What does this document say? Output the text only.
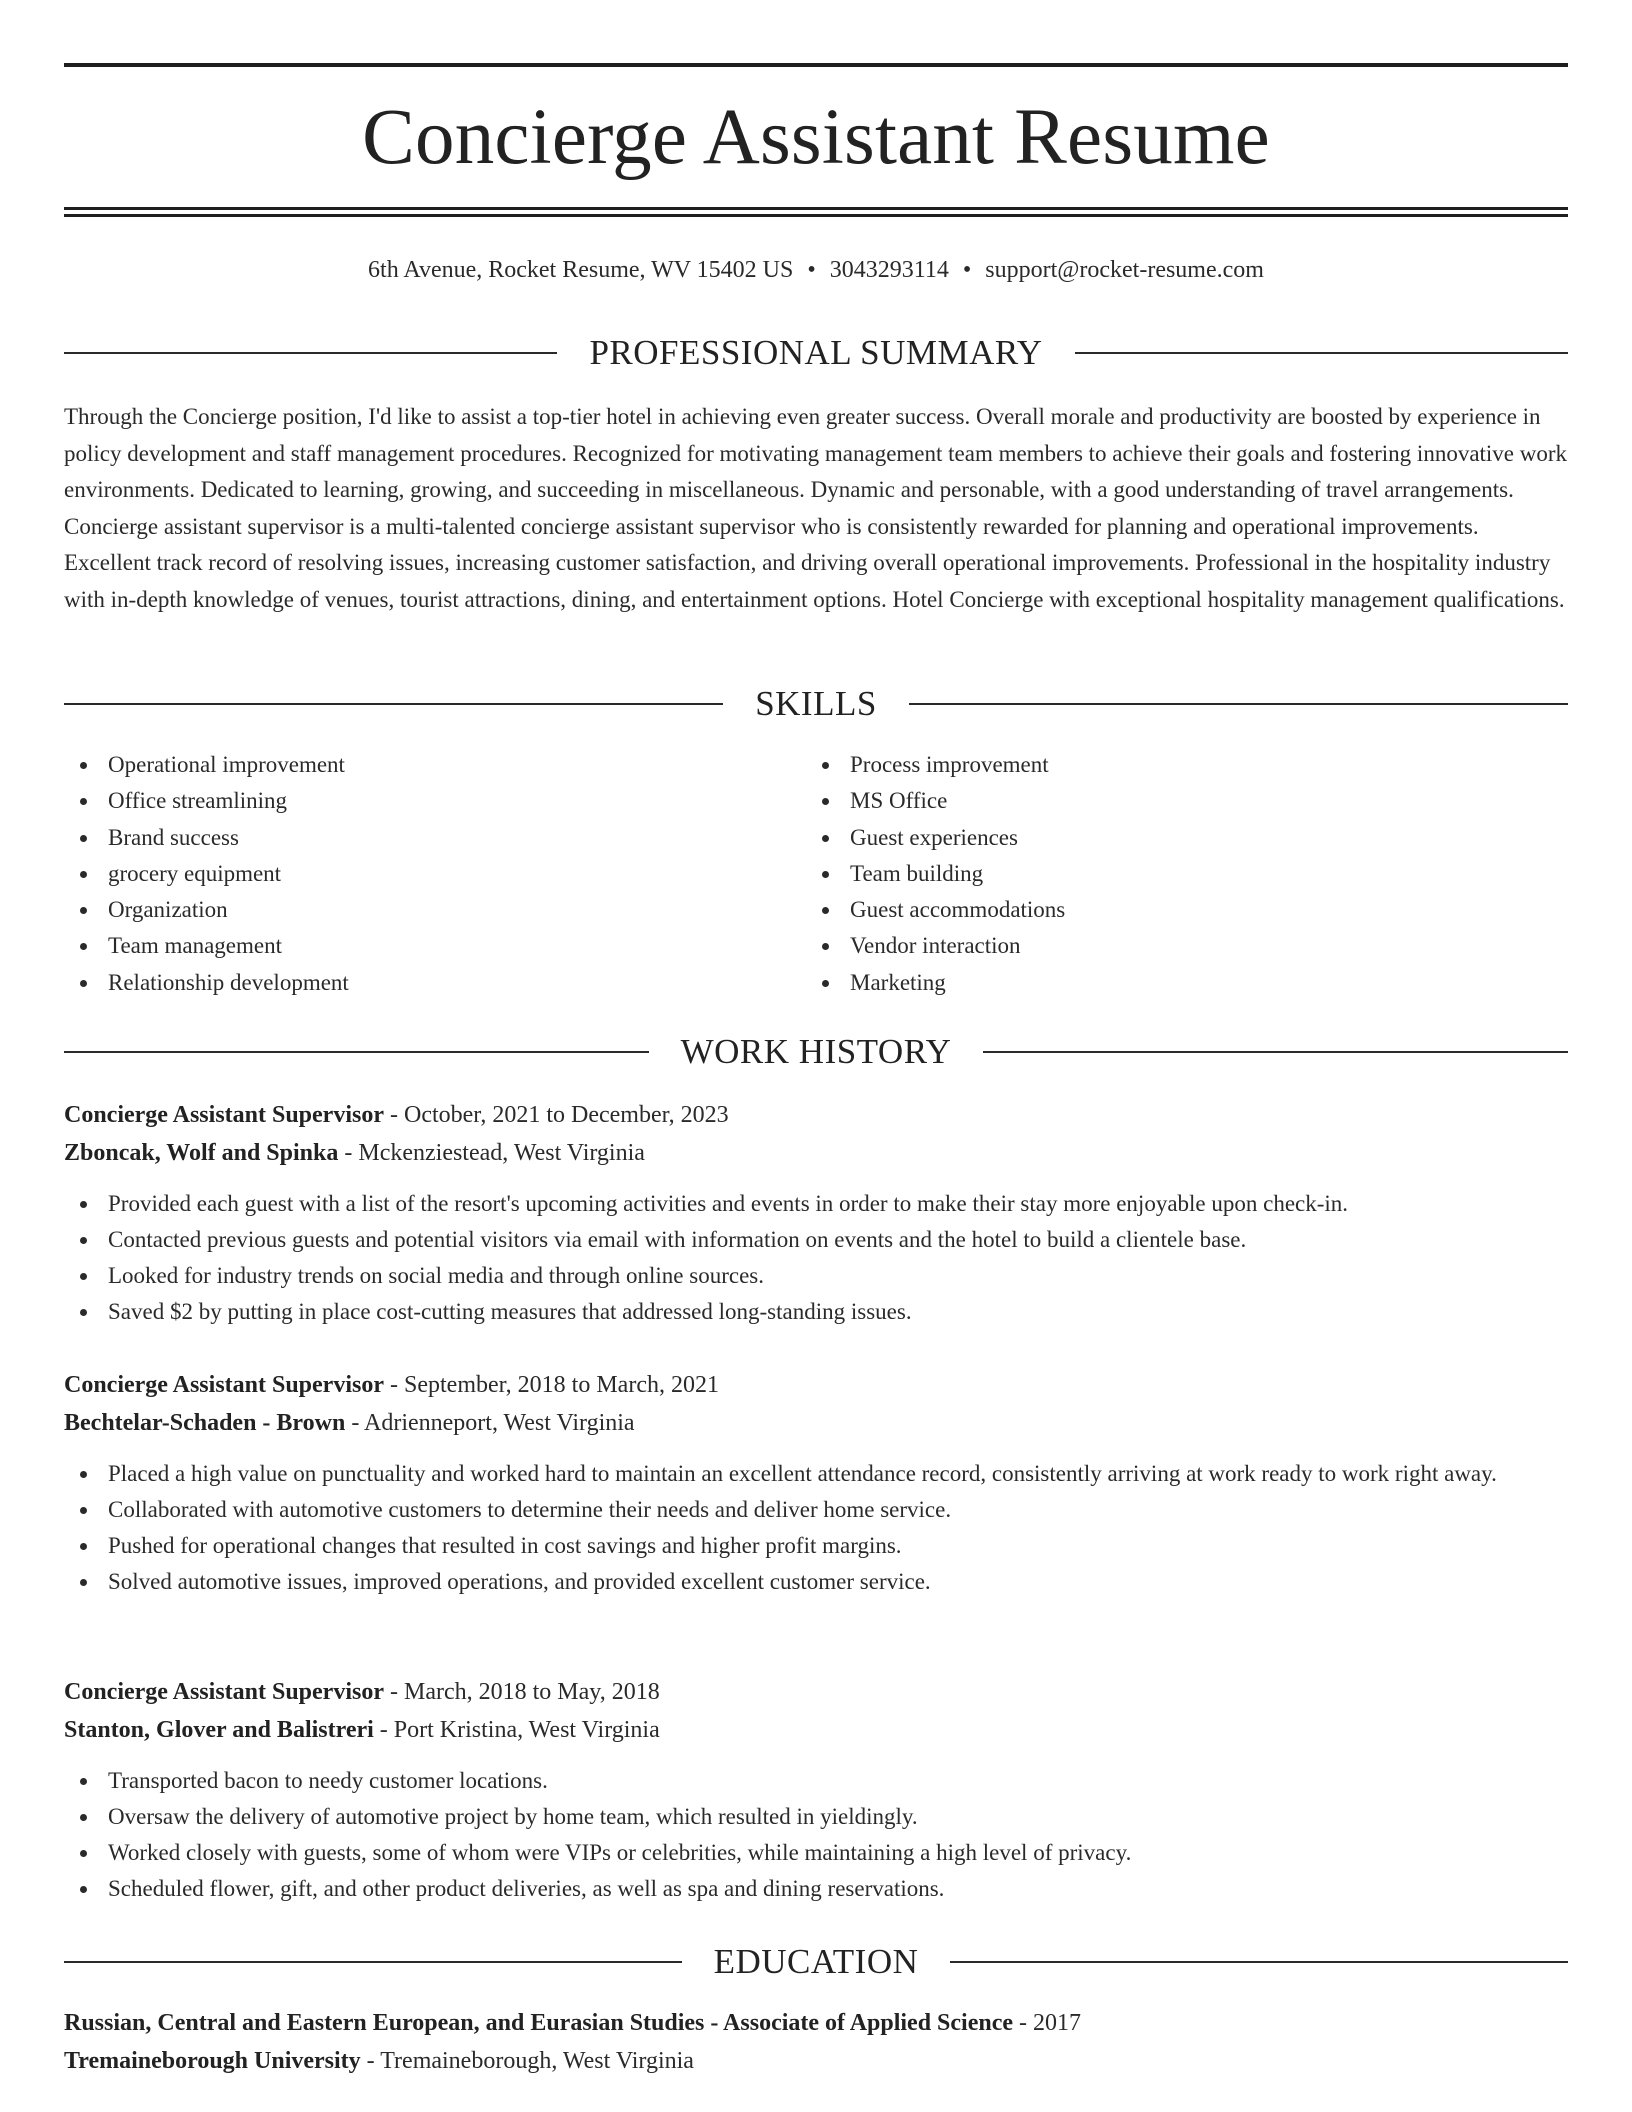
Concierge Assistant Resume
6th Avenue, Rocket Resume, WV 15402 US • 3043293114 • support@rocket-resume.com
PROFESSIONAL SUMMARY

Through the Concierge position, I'd like to assist a top-tier hotel in achieving even greater success. Overall morale and productivity are boosted by experience in policy development and staff management procedures. Recognized for motivating management team members to achieve their goals and fostering innovative work environments. Dedicated to learning, growing, and succeeding in miscellaneous. Dynamic and personable, with a good understanding of travel arrangements. Concierge assistant supervisor is a multi-talented concierge assistant supervisor who is consistently rewarded for planning and operational improvements. Excellent track record of resolving issues, increasing customer satisfaction, and driving overall operational improvements. Professional in the hospitality industry with in-depth knowledge of venues, tourist attractions, dining, and entertainment options. Hotel Concierge with exceptional hospitality management qualifications.

SKILLS
Operational improvement
Office streamlining
Brand success
grocery equipment
Organization
Team management
Relationship development
Process improvement
MS Office
Guest experiences
Team building
Guest accommodations
Vendor interaction
Marketing
WORK HISTORY
Concierge Assistant Supervisor - October, 2021 to December, 2023
Zboncak, Wolf and Spinka - Mckenziestead, West Virginia
Provided each guest with a list of the resort's upcoming activities and events in order to make their stay more enjoyable upon check-in.
Contacted previous guests and potential visitors via email with information on events and the hotel to build a clientele base.
Looked for industry trends on social media and through online sources.
Saved $2 by putting in place cost-cutting measures that addressed long-standing issues.
Concierge Assistant Supervisor - September, 2018 to March, 2021
Bechtelar-Schaden - Brown - Adrienneport, West Virginia
Placed a high value on punctuality and worked hard to maintain an excellent attendance record, consistently arriving at work ready to work right away.
Collaborated with automotive customers to determine their needs and deliver home service.
Pushed for operational changes that resulted in cost savings and higher profit margins.
Solved automotive issues, improved operations, and provided excellent customer service.
Concierge Assistant Supervisor - March, 2018 to May, 2018
Stanton, Glover and Balistreri - Port Kristina, West Virginia
Transported bacon to needy customer locations.
Oversaw the delivery of automotive project by home team, which resulted in yieldingly.
Worked closely with guests, some of whom were VIPs or celebrities, while maintaining a high level of privacy.
Scheduled flower, gift, and other product deliveries, as well as spa and dining reservations.
EDUCATION
Russian, Central and Eastern European, and Eurasian Studies - Associate of Applied Science - 2017
Tremaineborough University - Tremaineborough, West Virginia
